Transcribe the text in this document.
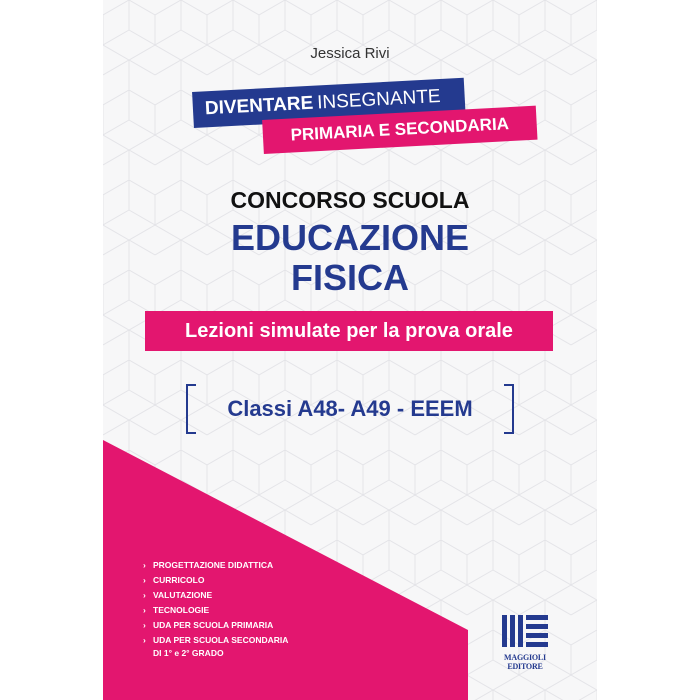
Jessica Rivi
DIVENTARE INSEGNANTE
PRIMARIA E SECONDARIA
CONCORSO SCUOLA
EDUCAZIONE
FISICA
Lezioni simulate per la prova orale
Classi A48- A49 - EEEM
› PROGETTAZIONE DIDATTICA
› CURRICOLO
› VALUTAZIONE
› TECNOLOGIE
› UDA PER SCUOLA PRIMARIA
› UDA PER SCUOLA SECONDARIA
DI 1° e 2° GRADO	MAGGIOLI
EDITORE
